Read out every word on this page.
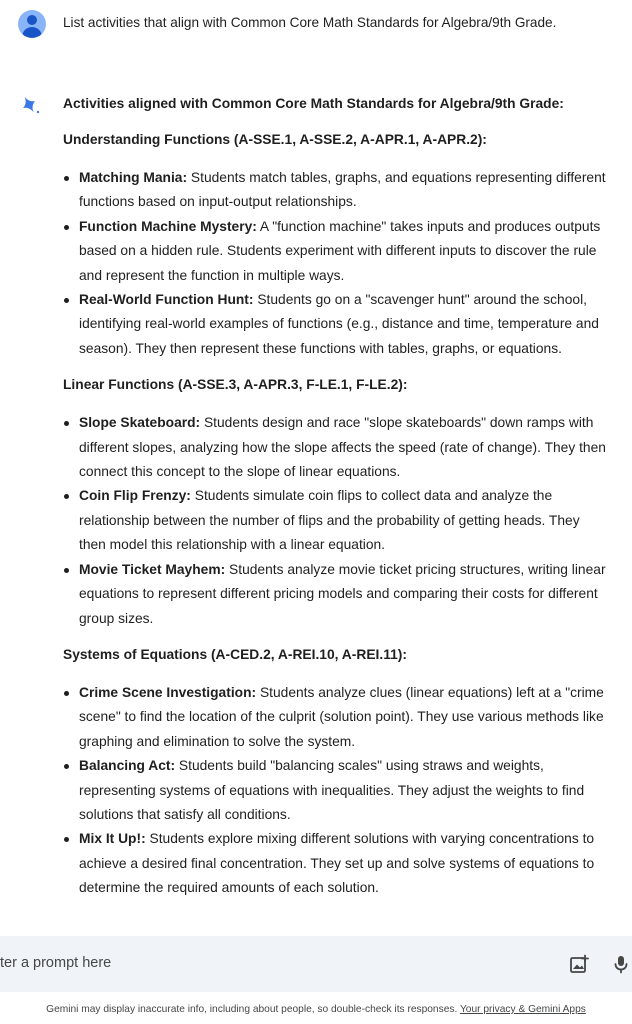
List activities that align with Common Core Math Standards for Algebra/9th Grade.
Activities aligned with Common Core Math Standards for Algebra/9th Grade:
Understanding Functions (A-SSE.1, A-SSE.2, A-APR.1, A-APR.2):
Matching Mania: Students match tables, graphs, and equations representing different functions based on input-output relationships.
Function Machine Mystery: A "function machine" takes inputs and produces outputs based on a hidden rule. Students experiment with different inputs to discover the rule and represent the function in multiple ways.
Real-World Function Hunt: Students go on a "scavenger hunt" around the school, identifying real-world examples of functions (e.g., distance and time, temperature and season). They then represent these functions with tables, graphs, or equations.
Linear Functions (A-SSE.3, A-APR.3, F-LE.1, F-LE.2):
Slope Skateboard: Students design and race "slope skateboards" down ramps with different slopes, analyzing how the slope affects the speed (rate of change). They then connect this concept to the slope of linear equations.
Coin Flip Frenzy: Students simulate coin flips to collect data and analyze the relationship between the number of flips and the probability of getting heads. They then model this relationship with a linear equation.
Movie Ticket Mayhem: Students analyze movie ticket pricing structures, writing linear equations to represent different pricing models and comparing their costs for different group sizes.
Systems of Equations (A-CED.2, A-REI.10, A-REI.11):
Crime Scene Investigation: Students analyze clues (linear equations) left at a "crime scene" to find the location of the culprit (solution point). They use various methods like graphing and elimination to solve the system.
Balancing Act: Students build "balancing scales" using straws and weights, representing systems of equations with inequalities. They adjust the weights to find solutions that satisfy all conditions.
Mix It Up!: Students explore mixing different solutions with varying concentrations to achieve a desired final concentration. They set up and solve systems of equations to determine the required amounts of each solution.
ter a prompt here
Gemini may display inaccurate info, including about people, so double-check its responses. Your privacy & Gemini Apps
